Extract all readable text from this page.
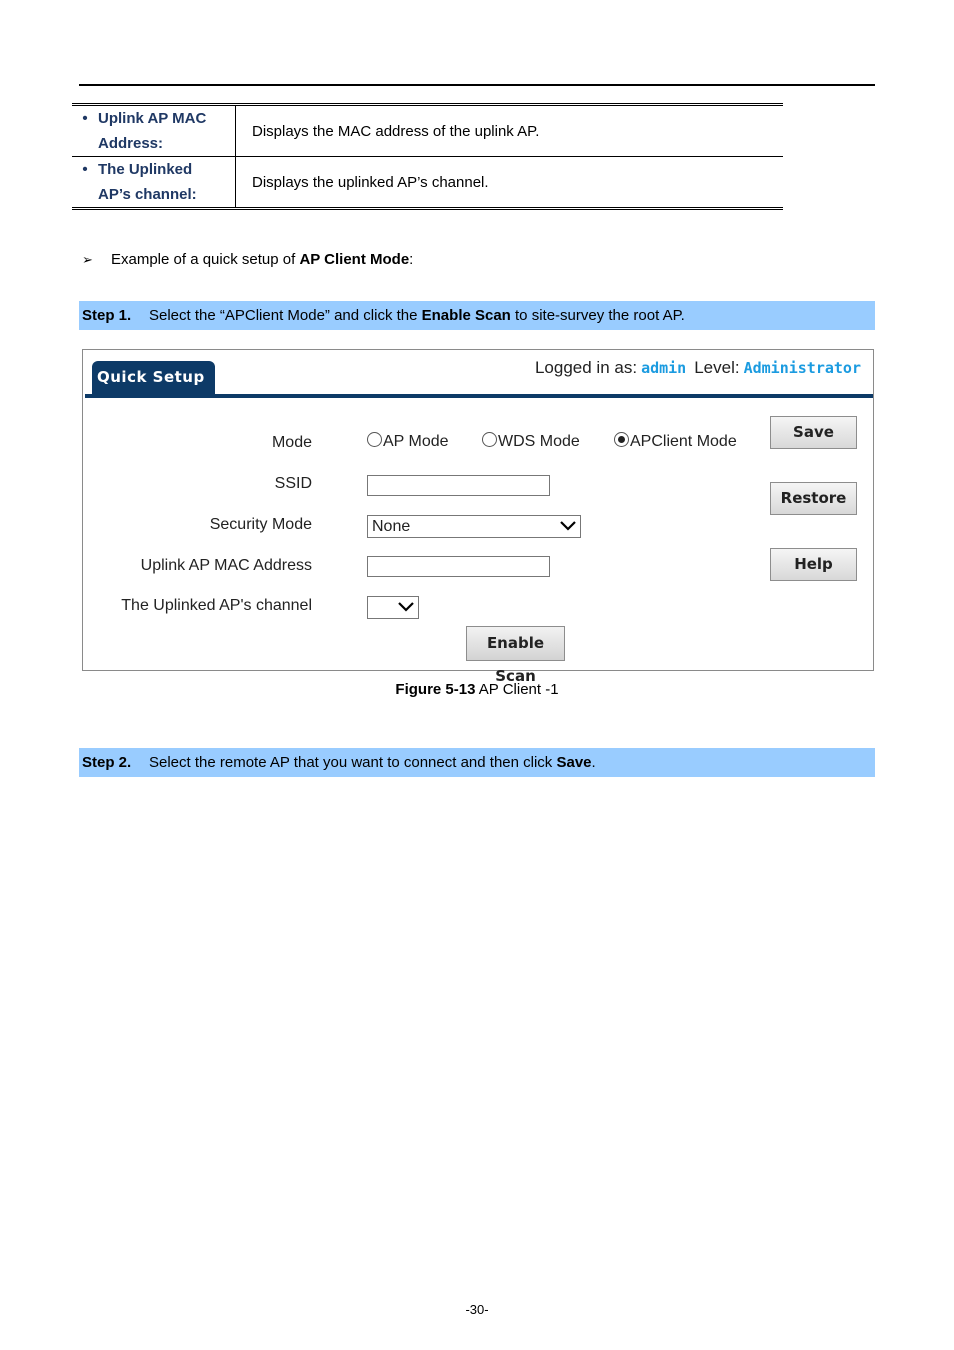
• Uplink AP MAC
Address:	Displays the MAC address of the uplink AP.
• The Uplinked
AP’s channel:	Displays the uplinked AP’s channel.
➢ Example of a quick setup of AP Client Mode:
Step 1. Select the “APClient Mode” and click the Enable Scan to site-survey the root AP.
Quick Setup	Logged in as: admin Level: Administrator
Mode	AP Mode	WDS Mode	APClient Mode
SSID
Security Mode	None
Uplink AP MAC Address
The Uplinked AP's channel
Enable Scan
Save
Restore
Help
Figure 5-13 AP Client -1
Step 2. Select the remote AP that you want to connect and then click Save.
-30-
